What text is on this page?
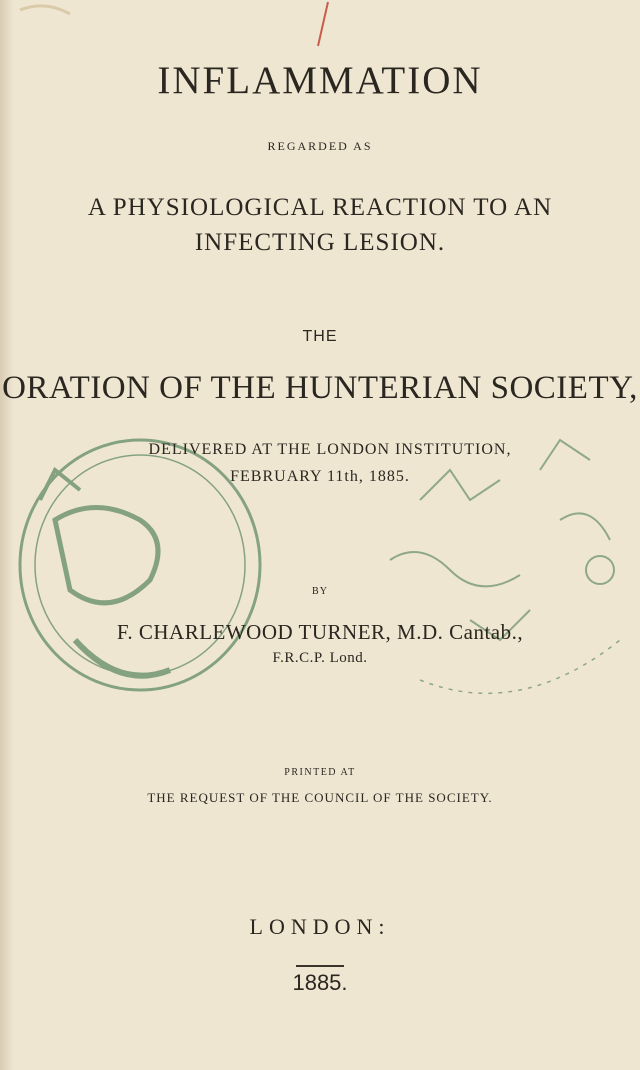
INFLAMMATION
REGARDED AS
A PHYSIOLOGICAL REACTION TO AN
INFECTING LESION.
THE
ORATION OF THE HUNTERIAN SOCIETY,
DELIVERED AT THE LONDON INSTITUTION,
FEBRUARY 11th, 1885.
BY
F. CHARLEWOOD TURNER, M.D. Cantab.,
F.R.C.P. Lond.
PRINTED AT
THE REQUEST OF THE COUNCIL OF THE SOCIETY.
LONDON:
1885.
